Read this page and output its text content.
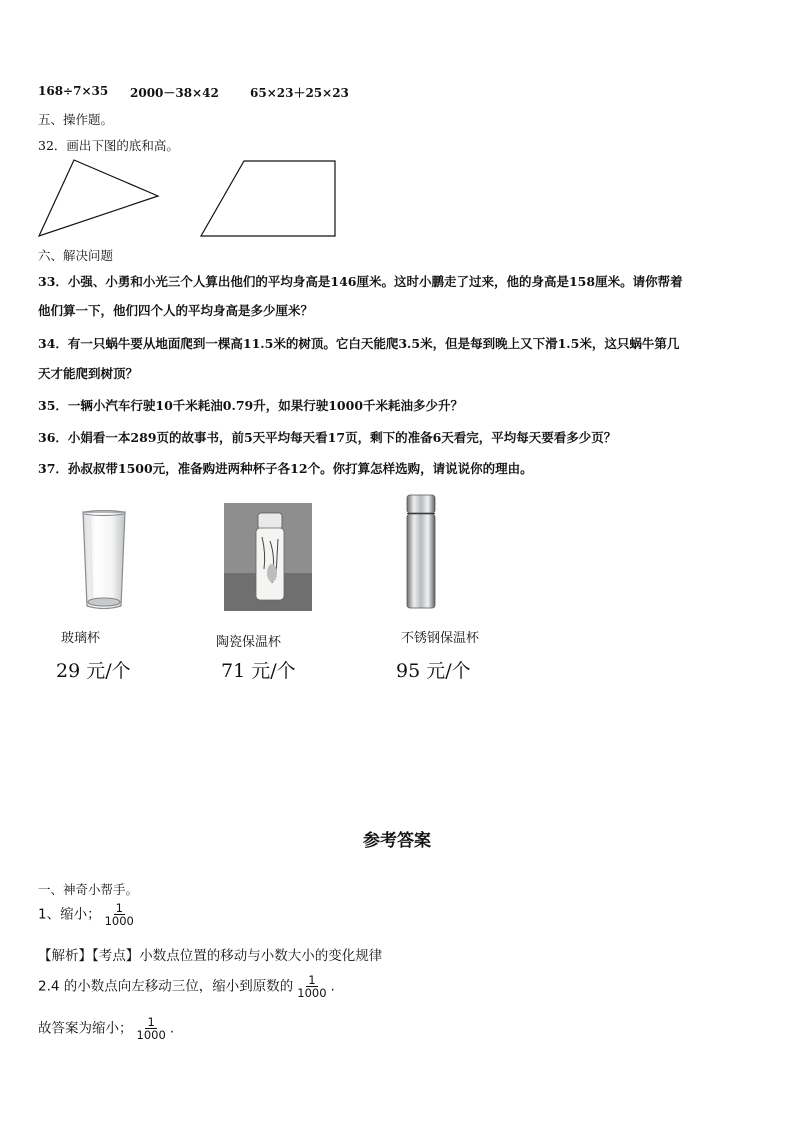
168÷7×35 2000－38×42	65×23＋25×23
五、操作题。
32．画出下图的底和高。
六、解决问题
33．小强、小勇和小光三个人算出他们的平均身高是146厘米。这时小鹏走了过来，他的身高是158厘米。请你帮着
他们算一下，他们四个人的平均身高是多少厘米？
34．有一只蜗牛要从地面爬到一棵高11.5米的树顶。它白天能爬3.5米，但是每到晚上又下滑1.5米，这只蜗牛第几
天才能爬到树顶？
35．一辆小汽车行驶10千米耗油0.79升，如果行驶1000千米耗油多少升？
36．小娟看一本289页的故事书，前5天平均每天看17页，剩下的准备6天看完，平均每天要看多少页？
37．孙叔叔带1500元，准备购进两种杯子各12个。你打算怎样选购，请说说你的理由。
玻璃杯	陶瓷保温杯	不锈钢保温杯
29 元/个	71 元/个	95 元/个
参考答案
一、神奇小帮手。
1、缩小； $\frac{1}{1000}$
【解析】【考点】小数点位置的移动与小数大小的变化规律
2.4 的小数点向左移动三位，缩小到原数的 $\frac{1}{1000}$ .
故答案为缩小； $\frac{1}{1000}$ .
